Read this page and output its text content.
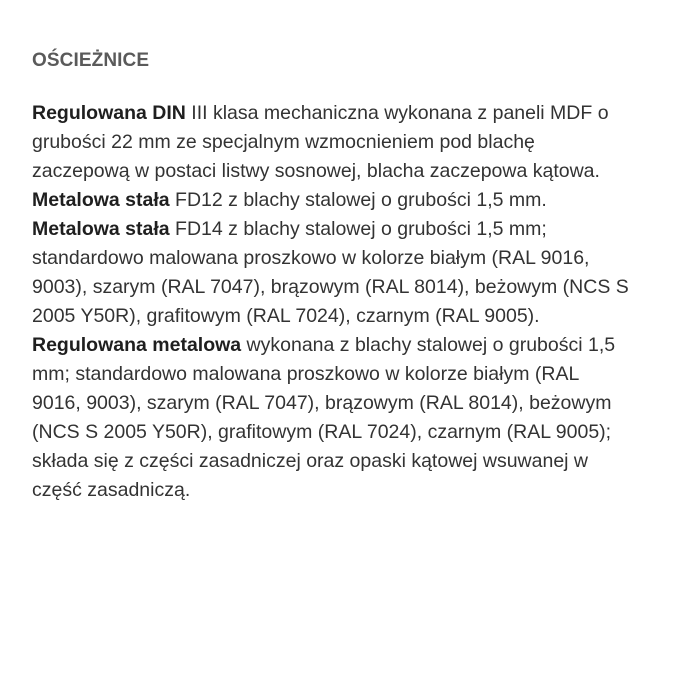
OŚCIEŻNICE

Regulowana DIN III klasa mechaniczna wykonana z paneli MDF o grubości 22 mm ze specjalnym wzmocnieniem pod blachę zaczepową w postaci listwy sosnowej, blacha zaczepowa kątowa.
Metalowa stała FD12 z blachy stalowej o grubości 1,5 mm.
Metalowa stała FD14 z blachy stalowej o grubości 1,5 mm; standardowo malowana proszkowo w kolorze białym (RAL 9016, 9003), szarym (RAL 7047), brązowym (RAL 8014), beżowym (NCS S 2005 Y50R), grafitowym (RAL 7024), czarnym (RAL 9005).
Regulowana metalowa wykonana z blachy stalowej o grubości 1,5 mm; standardowo malowana proszkowo w kolorze białym (RAL 9016, 9003), szarym (RAL 7047), brązowym (RAL 8014), beżowym (NCS S 2005 Y50R), grafitowym (RAL 7024), czarnym (RAL 9005); składa się z części zasadniczej oraz opaski kątowej wsuwanej w część zasadniczą.
